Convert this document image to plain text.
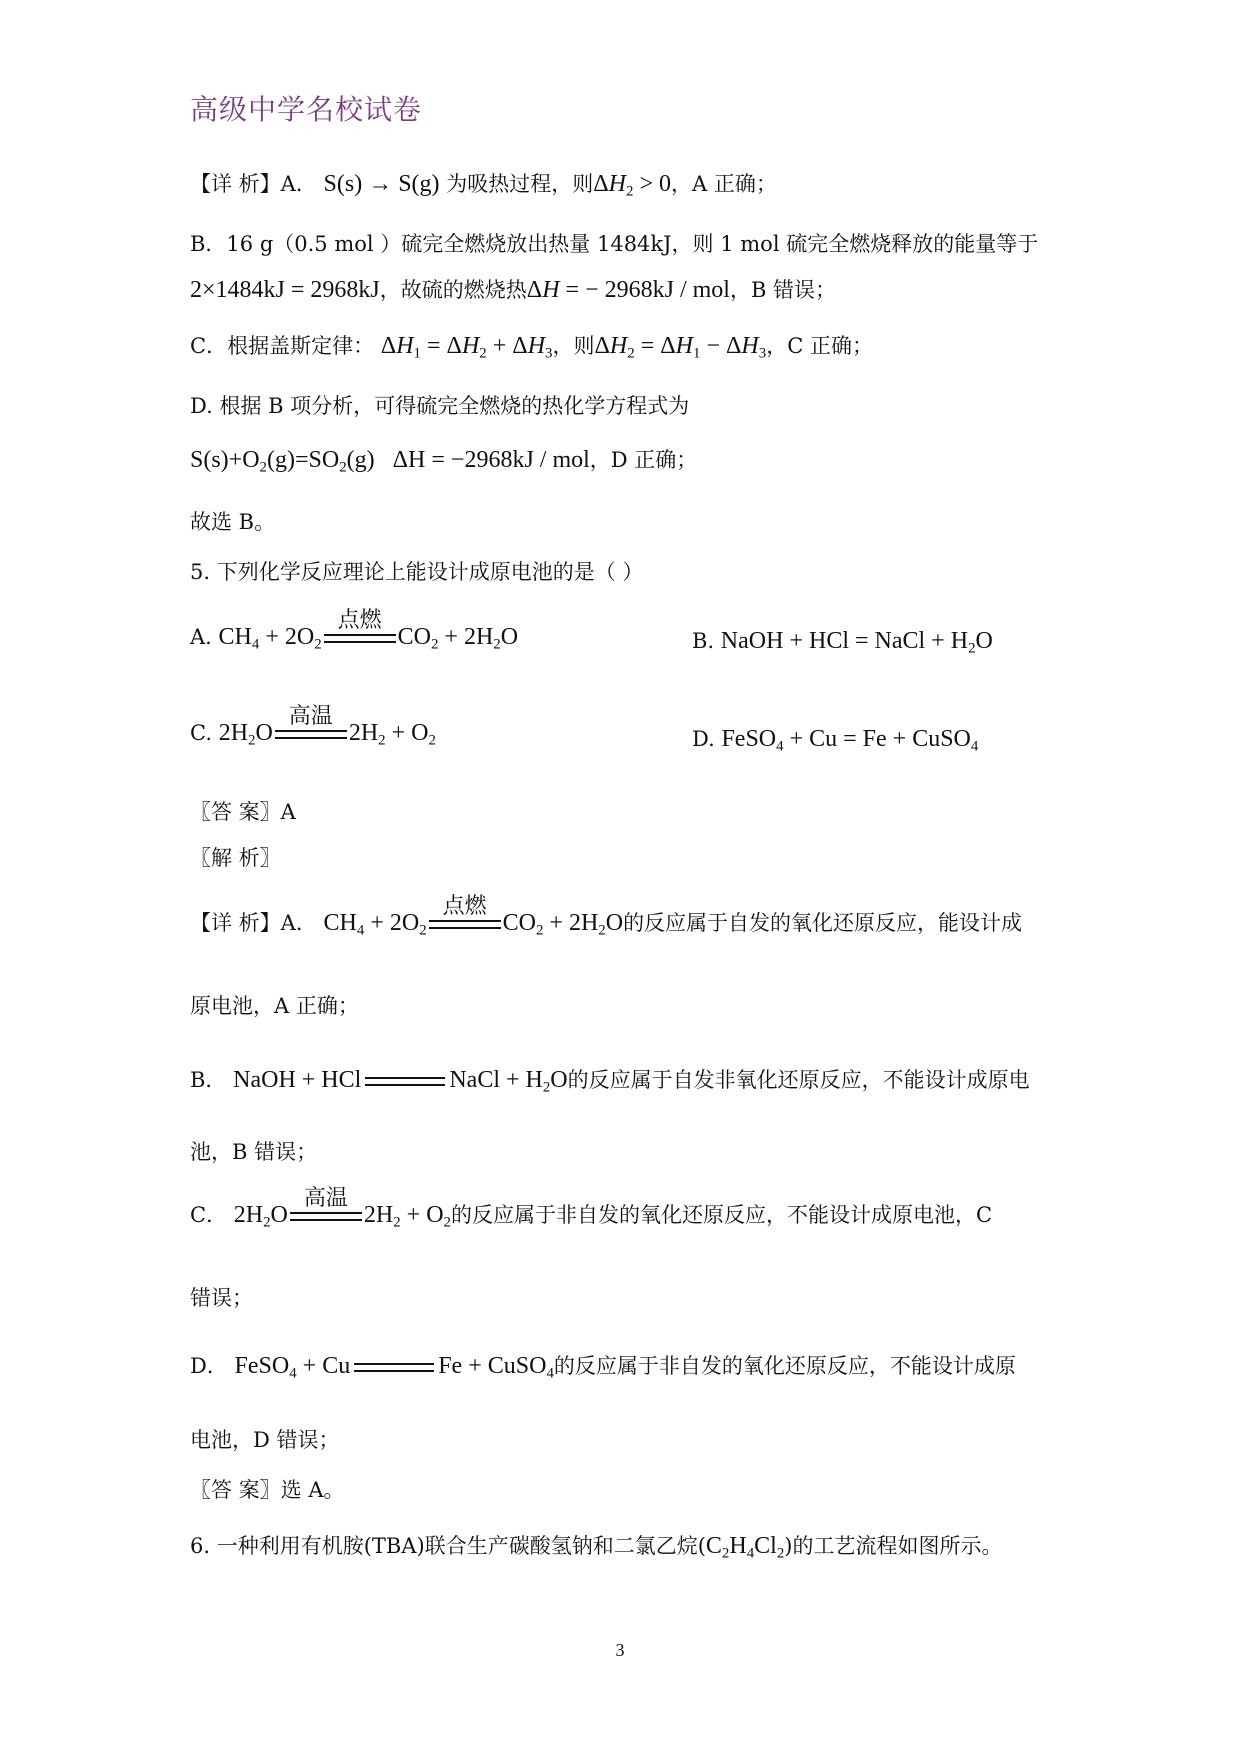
高级中学名校试卷
【详 析】A． S(s) → S(g) 为吸热过程，则$\Delta H_2 > 0$，A 正确；
B．16 g（0.5 mol ）硫完全燃烧放出热量 1484kJ，则 1 mol 硫完全燃烧释放的能量等于
2×1484kJ = 2968kJ，故硫的燃烧热ΔH = − 2968kJ / mol，B 错误；
C．根据盖斯定律： $\Delta H_1 = \Delta H_2 + \Delta H_3$，则$\Delta H_2 = \Delta H_1 - \Delta H_3$，C 正确；
D. 根据 B 项分析，可得硫完全燃烧的热化学方程式为
$S(s)+O_2(g)=SO_2(g) \Delta H = -2968kJ$ / mol，D 正确；
故选 B。
5. 下列化学反应理论上能设计成原电池的是（ ）
A. $CH_4 + 2O_2$
点燃
$CO_2 + 2H_2O$	B. NaOH + HCl = NaCl + $H_2O$
C. $2H_2O$
高温
$2H_2 + O_2$	D. FeSO$_4$ + Cu = Fe + CuSO$_4$
〖答 案〗A
〖解 析〗
【详 析】A． $CH_4 + 2O_2$
点燃
$CO_2 + 2H_2O$的反应属于自发的氧化还原反应，能设计成
原电池，A 正确；
B． NaOH + HCl	NaCl + $H_2O$的反应属于自发非氧化还原反应，不能设计成原电
池，B 错误；
C． $2H_2O$
高温
$2H_2 + O_2$的反应属于非自发的氧化还原反应，不能设计成原电池，C
错误；
D． FeSO$_4$ + Cu	Fe + CuSO$_4$的反应属于非自发的氧化还原反应，不能设计成原
电池，D 错误；
〖答 案〗选 A。
6. 一种利用有机胺(TBA)联合生产碳酸氢钠和二氯乙烷$(C_2H_4Cl_2)$的工艺流程如图所示。
3
